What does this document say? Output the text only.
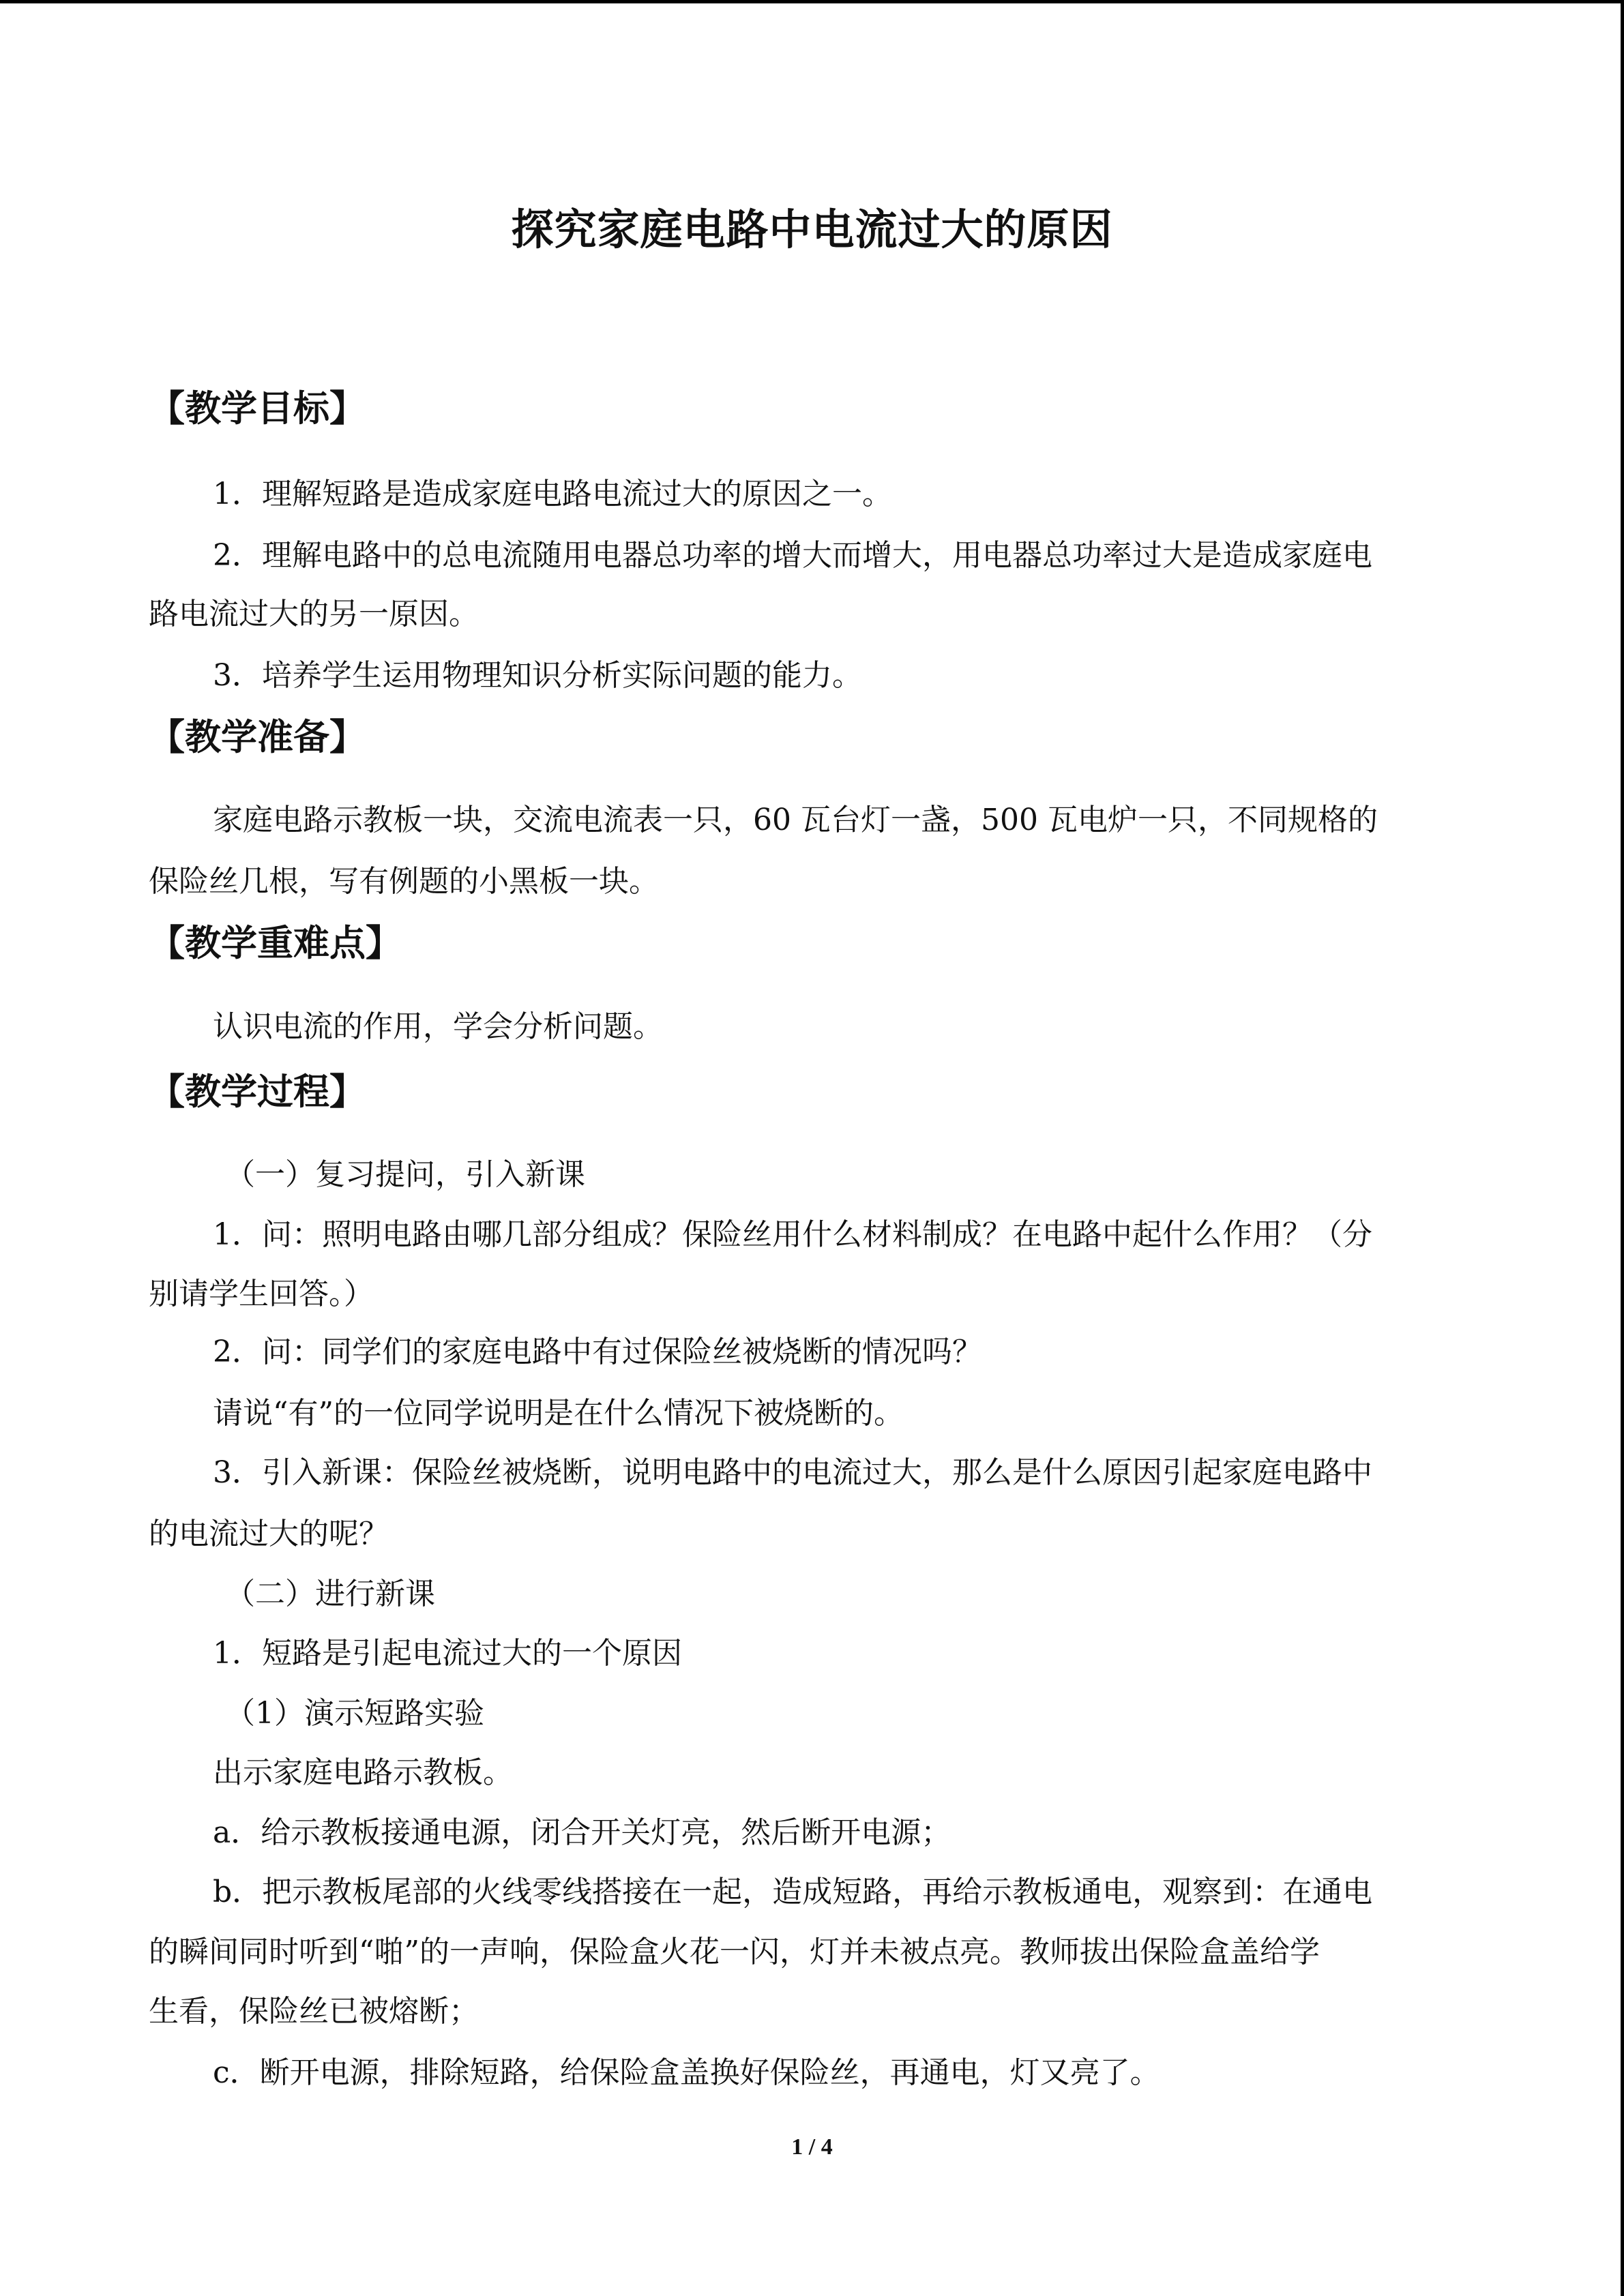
探究家庭电路中电流过大的原因
【教学目标】
1．理解短路是造成家庭电路电流过大的原因之一。
2．理解电路中的总电流随用电器总功率的增大而增大，用电器总功率过大是造成家庭电
路电流过大的另一原因。
3．培养学生运用物理知识分析实际问题的能力。
【教学准备】
家庭电路示教板一块，交流电流表一只，60 瓦台灯一盏，500 瓦电炉一只，不同规格的
保险丝几根，写有例题的小黑板一块。
【教学重难点】
认识电流的作用，学会分析问题。
【教学过程】
（一）复习提问，引入新课
1．问：照明电路由哪几部分组成？保险丝用什么材料制成？在电路中起什么作用？（分
别请学生回答。）
2．问：同学们的家庭电路中有过保险丝被烧断的情况吗？
请说“有”的一位同学说明是在什么情况下被烧断的。
3．引入新课：保险丝被烧断，说明电路中的电流过大，那么是什么原因引起家庭电路中
的电流过大的呢？
（二）进行新课
1．短路是引起电流过大的一个原因
（1）演示短路实验
出示家庭电路示教板。
a．给示教板接通电源，闭合开关灯亮，然后断开电源；
b．把示教板尾部的火线零线搭接在一起，造成短路，再给示教板通电，观察到：在通电
的瞬间同时听到“啪”的一声响，保险盒火花一闪，灯并未被点亮。教师拔出保险盒盖给学
生看，保险丝已被熔断；
c．断开电源，排除短路，给保险盒盖换好保险丝，再通电，灯又亮了。
1 / 4
